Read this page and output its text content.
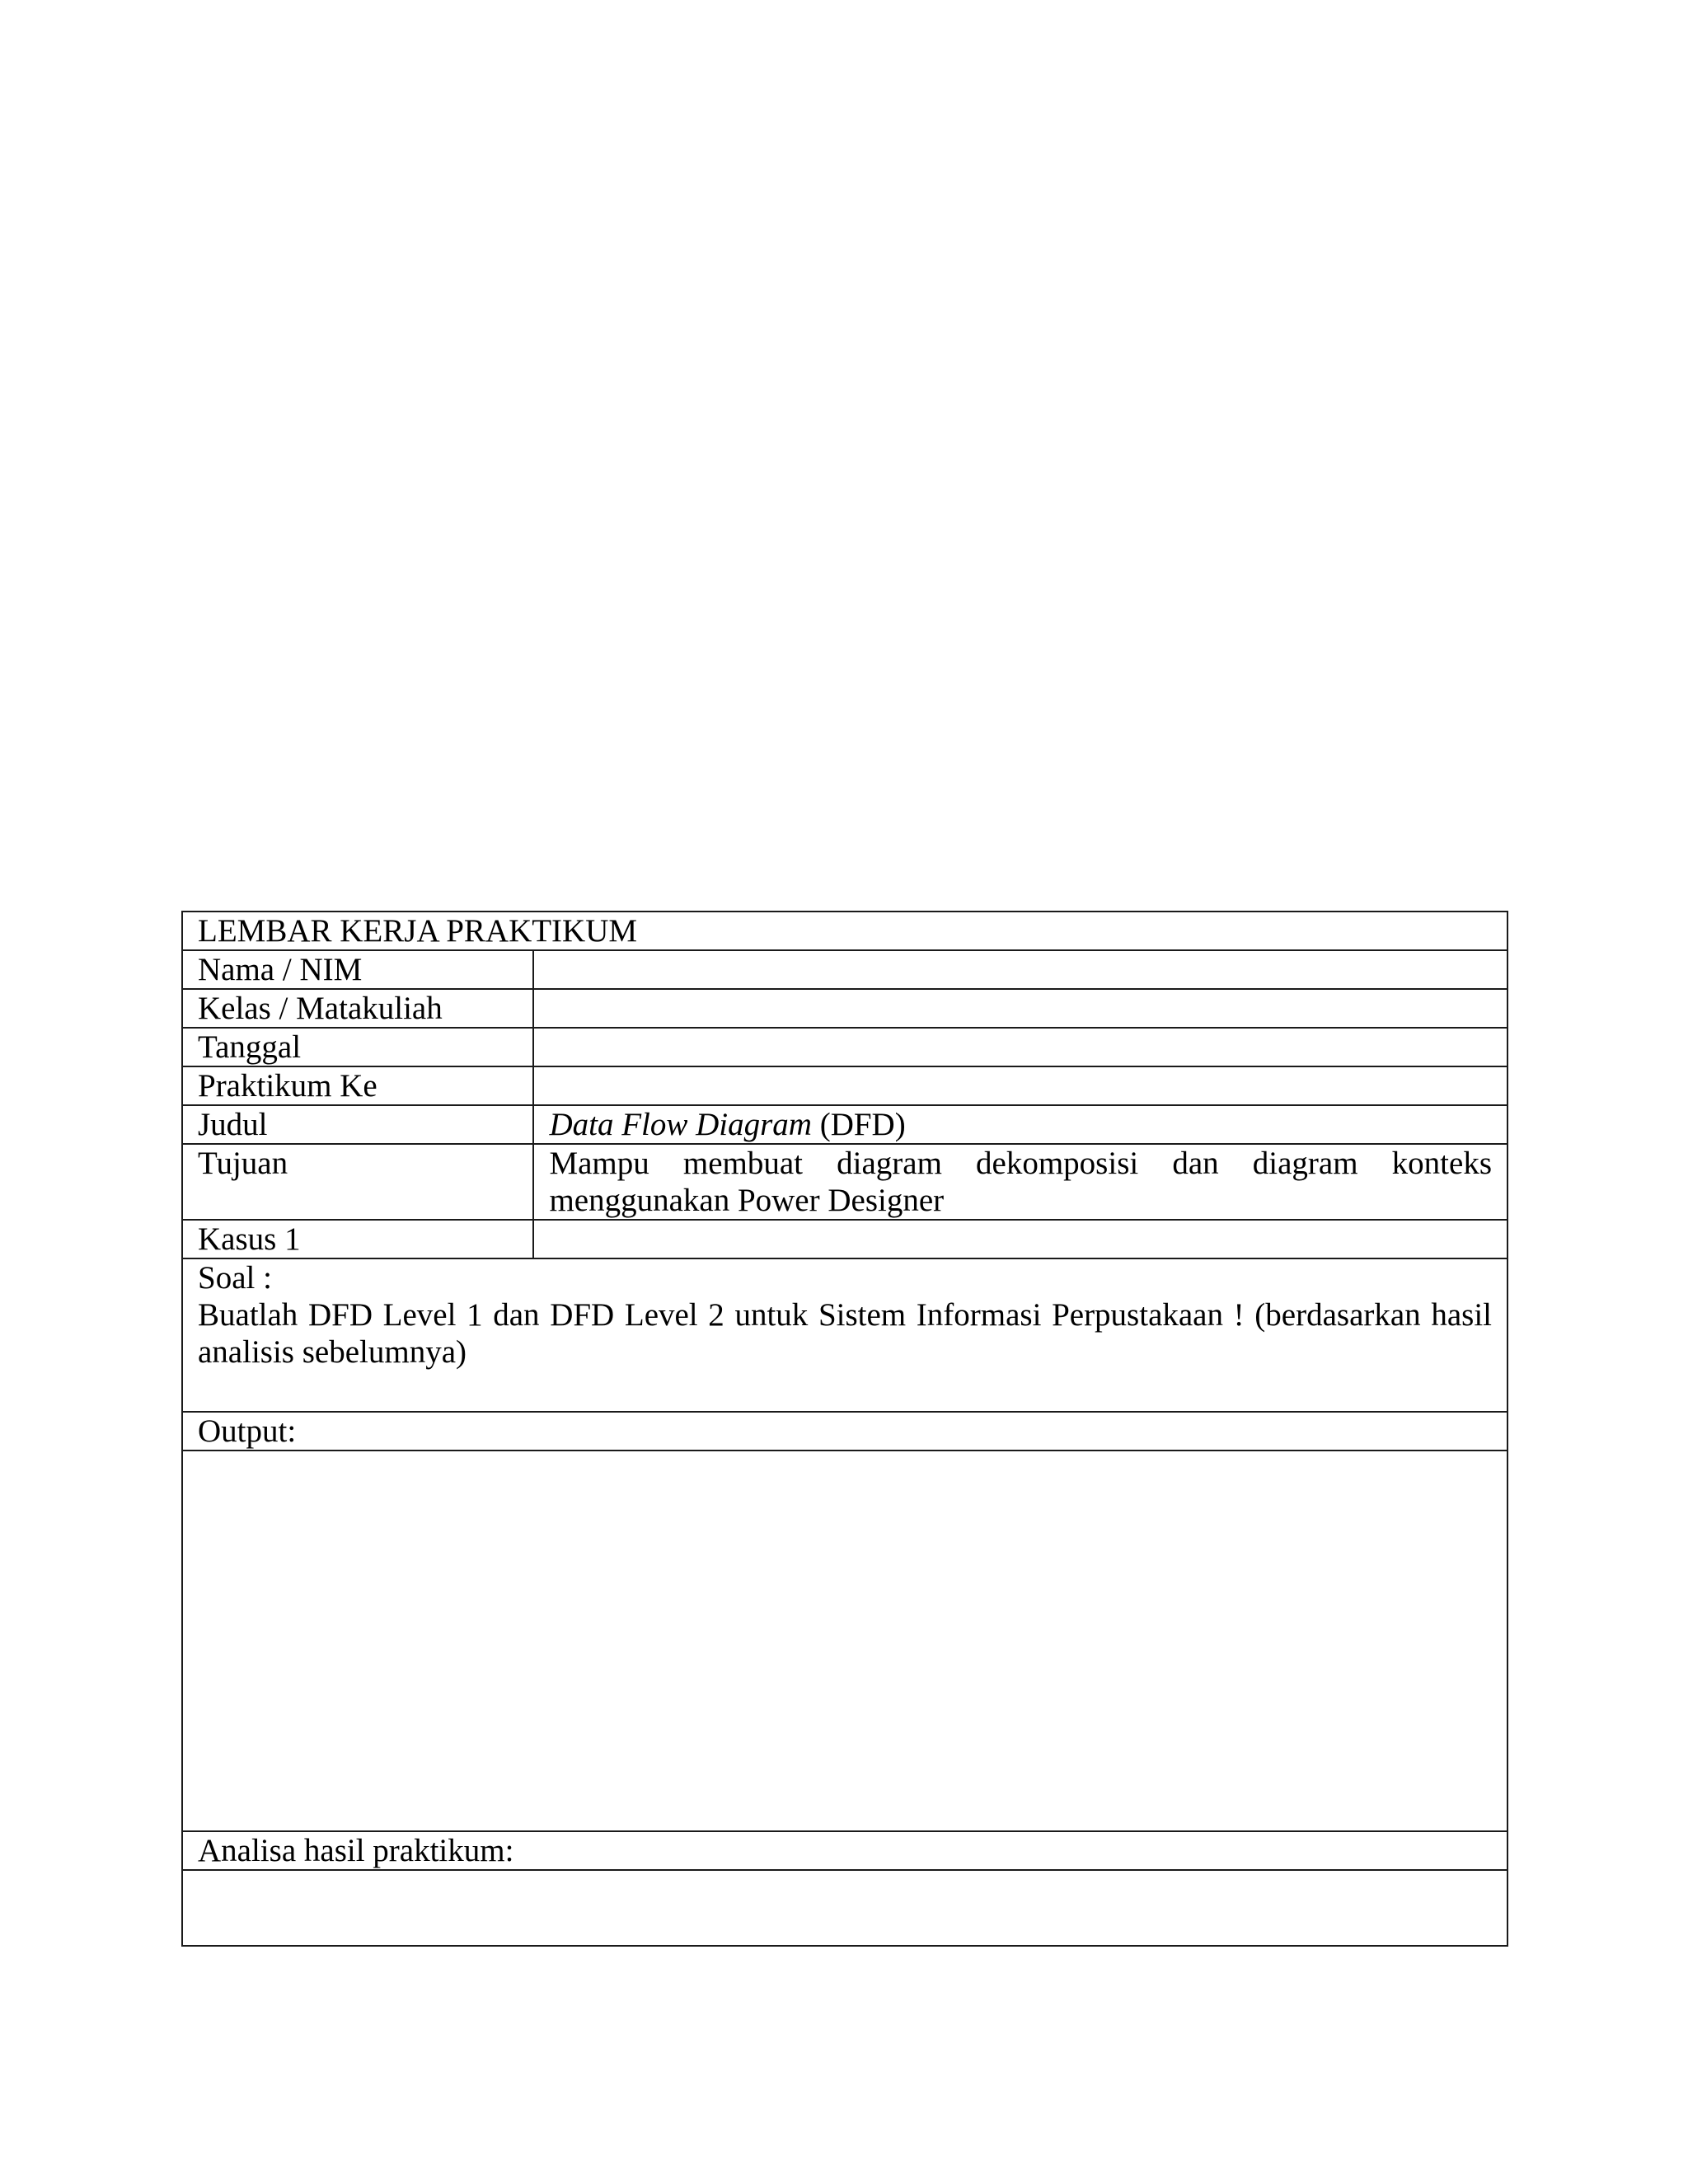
LEMBAR KERJA PRAKTIKUM	
Nama / NIM	
Kelas / Matakuliah	
Tanggal	
Praktikum Ke	
Judul	Data Flow Diagram (DFD)
Tujuan	Mampu membuat diagram dekomposisi dan diagram konteks menggunakan Power Designer
Kasus 1	

Soal :
Buatlah DFD Level 1 dan DFD Level 2 untuk Sistem Informasi Perpustakaan ! (berdasarkan hasil analisis sebelumnya)	

Output:	

Analisa hasil praktikum:	
